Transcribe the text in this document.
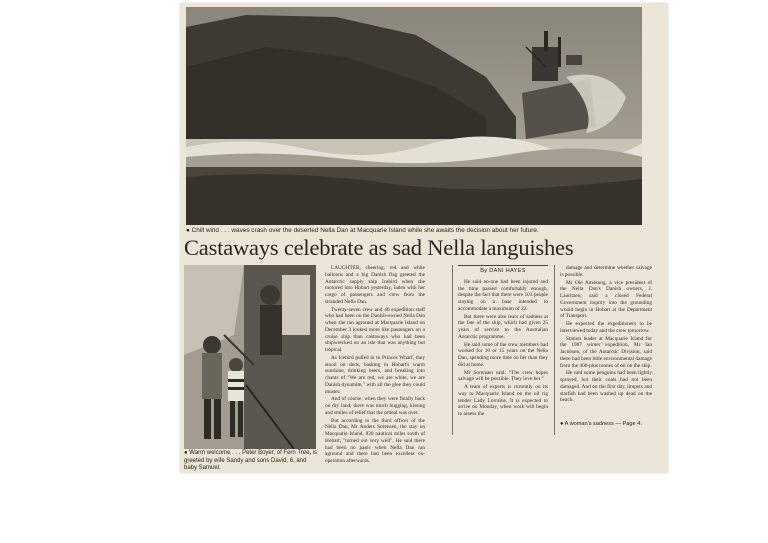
● Chill wind . . . waves crash over the deserted Nella Dan at Macquarie Island while she awaits the decision about her future.
Castaways celebrate as sad Nella languishes
● Warm welcome . . . Peter Boyer, of Fern Tree, is greeted by wife Sandy and sons David, 6, and baby Samuel.

LAUGHTER, cheering, red and white balloons and a big Danish flag greeted the Antarctic supply ship Icebird when she motored into Hobart yesterday, laden with her cargo of passengers and crew from the stranded Nella Dan.

Twenty-seven crew and 46 expedition staff who had been on the Danish-owned Nella Dan when she ran aground at Macquarie Island on December 3 looked more like passengers on a cruise ship than castaways who had been shipwrecked on an isle that was anything but tropical.

As Icebird pulled in to Princes Wharf, they stood on deck, basking in Hobart's warm sunshine, drinking beers, and breaking into chants of "We are red, we are white, we are Danish dynamite," with all the glee they could muster.

And of course, when they were finally back on dry land, there was much hugging, kissing and smiles of relief that the ordeal was over.

But according to the third officer of the Nella Dan, Mr Anders Sorensen, the stay on Macquarie Island, 830 nautical miles south of Hobart, "turned out very well". He said there had been no panic when Nella Dan ran aground and there had been excellent co-operation afterwards.

By DANI HAYES

He said no-one had been injured and the time passed comfortably enough, despite the fact that there were 103 people staying on a base intended to accommodate a maximum of 22.

But there were also tears of sadness at the fate of the ship, which had given 25 years of service to the Australian Antarctic programme.

He said some of the crew members had worked for 10 or 15 years on the Nella Dan, spending more time on her than they did at home.

Mr Sorensen said: "The crew hopes salvage will be possible. They love her."

A team of experts is currently on its way to Macquarie Island on the oil rig tender Lady Lorraine. It is expected to arrive on Monday, when work will begin to assess the

damage and determine whether salvage is possible.

Mr Ole Amdsung, a vice president of the Nella Dan's Danish owners, J. Lauritzen, said a closed Federal Government inquiry into the grounding would begin in Hobart at the Department of Transport.

He expected the expeditioners to be interviewed today and the crew tomorrow.

Station leader at Macquarie Island for the 1987 winter expedition, Mr Ian Jacobsen, of the Antarctic Division, said there had been little environmental damage from the 400-plus tonnes of oil on the ship.

He said some penguins had been lightly sprayed, but their coats had not been damaged. And on the first day, limpets and starfish had been washed up dead on the beach.

● A woman's sadness — Page 4.
